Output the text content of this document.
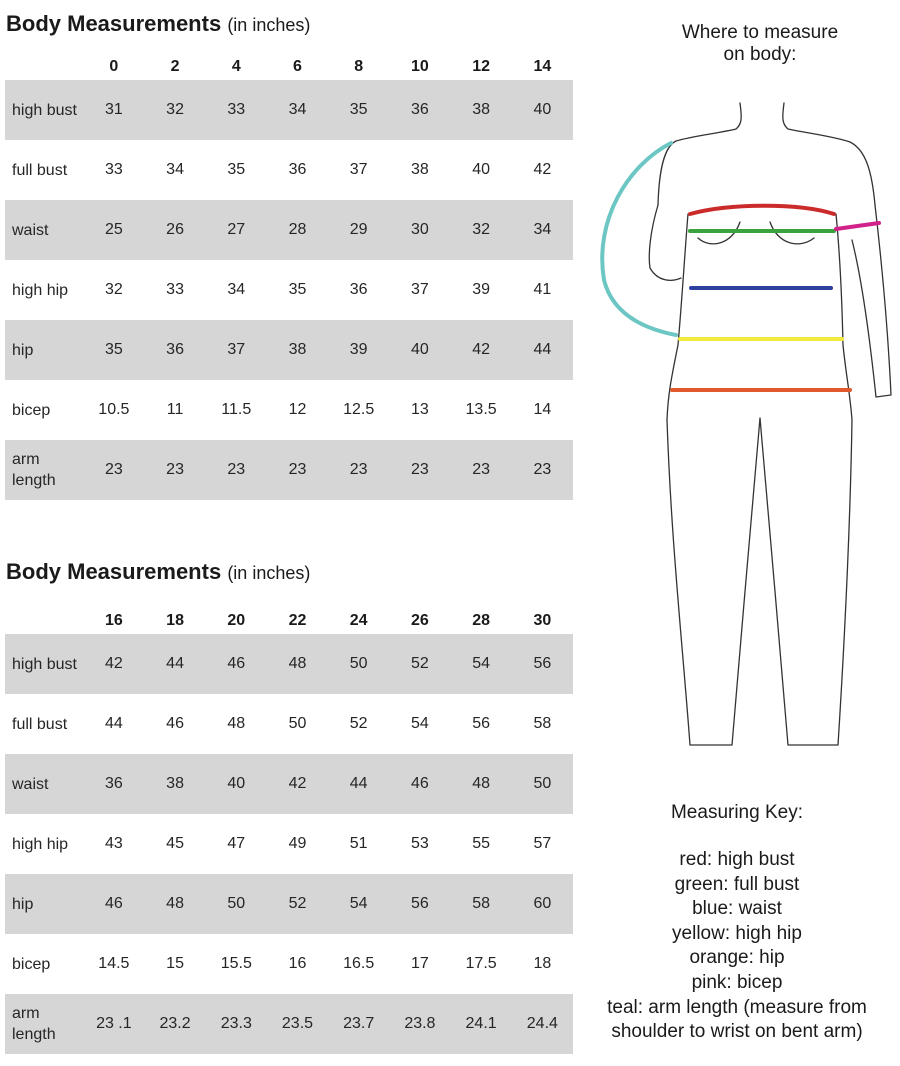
Body Measurements (in inches)
	0	2	4	6	8	10	12	14
high bust	31	32	33	34	35	36	38	40
full bust	33	34	35	36	37	38	40	42
waist	25	26	27	28	29	30	32	34
high hip	32	33	34	35	36	37	39	41
hip	35	36	37	38	39	40	42	44
bicep	10.5	11	11.5	12	12.5	13	13.5	14
arm length	23	23	23	23	23	23	23	23
Body Measurements (in inches)
	16	18	20	22	24	26	28	30
high bust	42	44	46	48	50	52	54	56
full bust	44	46	48	50	52	54	56	58
waist	36	38	40	42	44	46	48	50
high hip	43	45	47	49	51	53	55	57
hip	46	48	50	52	54	56	58	60
bicep	14.5	15	15.5	16	16.5	17	17.5	18
arm length	23 .1	23.2	23.3	23.5	23.7	23.8	24.1	24.4
Where to measure
on body:
Measuring Key:
red: high bust
green: full bust
blue: waist
yellow: high hip
orange: hip
pink: bicep
teal: arm length (measure from
shoulder to wrist on bent arm)
